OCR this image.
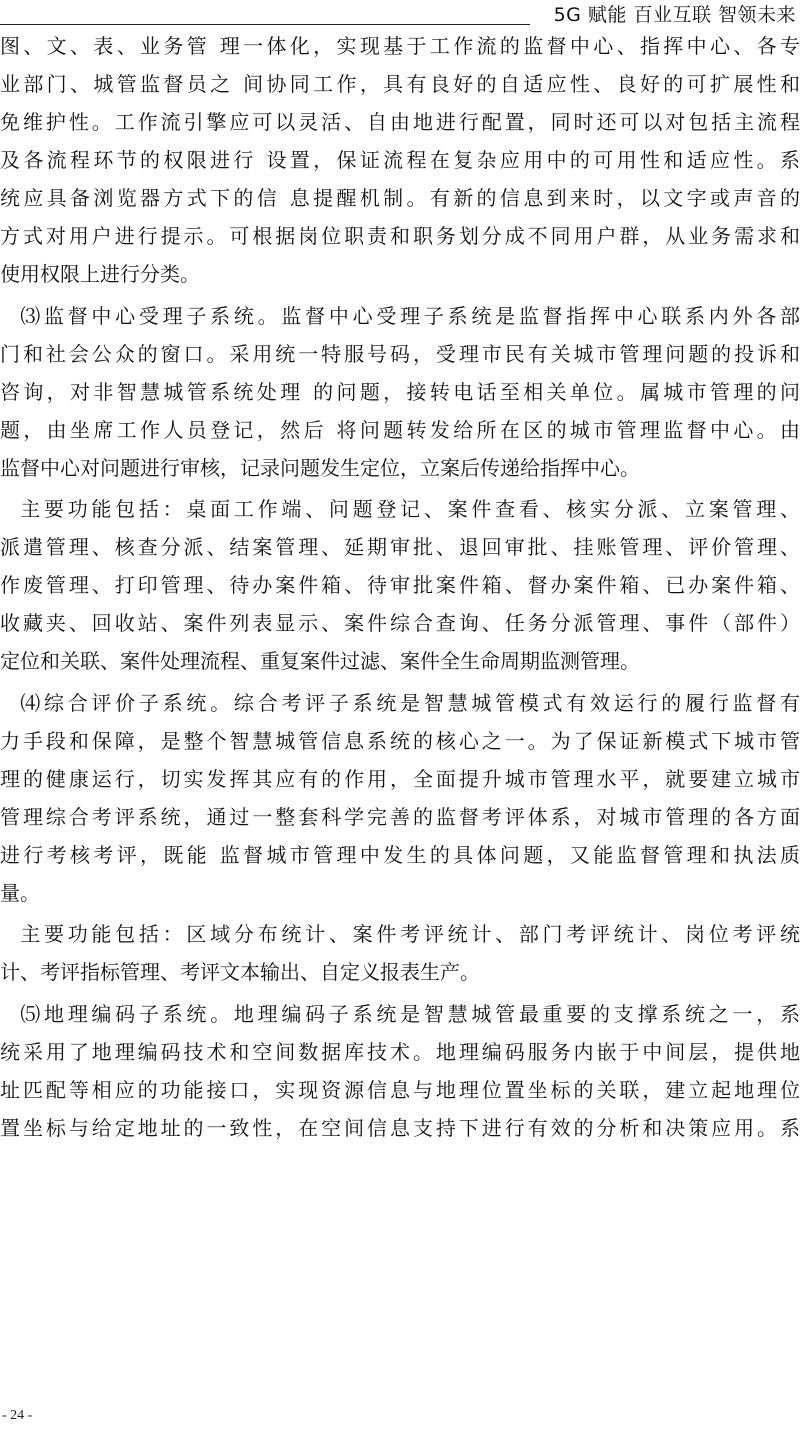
5G 赋能 百业互联 智领未来
图、文、表、业务管 理一体化，实现基于工作流的监督中心、指挥中心、各专
业部门、城管监督员之 间协同工作，具有良好的自适应性、良好的可扩展性和
免维护性。工作流引擎应可以灵活、自由地进行配置，同时还可以对包括主流程
及各流程环节的权限进行 设置，保证流程在复杂应用中的可用性和适应性。系
统应具备浏览器方式下的信 息提醒机制。有新的信息到来时，以文字或声音的
方式对用户进行提示。可根据岗位职责和职务划分成不同用户群，从业务需求和
使用权限上进行分类。
⑶监督中心受理子系统。监督中心受理子系统是监督指挥中心联系内外各部
门和社会公众的窗口。采用统一特服号码，受理市民有关城市管理问题的投诉和
咨询，对非智慧城管系统处理 的问题，接转电话至相关单位。属城市管理的问
题，由坐席工作人员登记，然后 将问题转发给所在区的城市管理监督中心。由
监督中心对问题进行审核，记录问题发生定位，立案后传递给指挥中心。
主要功能包括：桌面工作端、问题登记、案件查看、核实分派、立案管理、
派遣管理、核查分派、结案管理、延期审批、退回审批、挂账管理、评价管理、
作废管理、打印管理、待办案件箱、待审批案件箱、督办案件箱、已办案件箱、
收藏夹、回收站、案件列表显示、案件综合查询、任务分派管理、事件（部件）
定位和关联、案件处理流程、重复案件过滤、案件全生命周期监测管理。
⑷综合评价子系统。综合考评子系统是智慧城管模式有效运行的履行监督有
力手段和保障，是整个智慧城管信息系统的核心之一。为了保证新模式下城市管
理的健康运行，切实发挥其应有的作用，全面提升城市管理水平，就要建立城市
管理综合考评系统，通过一整套科学完善的监督考评体系，对城市管理的各方面
进行考核考评，既能 监督城市管理中发生的具体问题，又能监督管理和执法质
量。
主要功能包括：区域分布统计、案件考评统计、部门考评统计、岗位考评统
计、考评指标管理、考评文本输出、自定义报表生产。
⑸地理编码子系统。地理编码子系统是智慧城管最重要的支撑系统之一，系
统采用了地理编码技术和空间数据库技术。地理编码服务内嵌于中间层，提供地
址匹配等相应的功能接口，实现资源信息与地理位置坐标的关联，建立起地理位
置坐标与给定地址的一致性，在空间信息支持下进行有效的分析和决策应用。系
- 24 -
